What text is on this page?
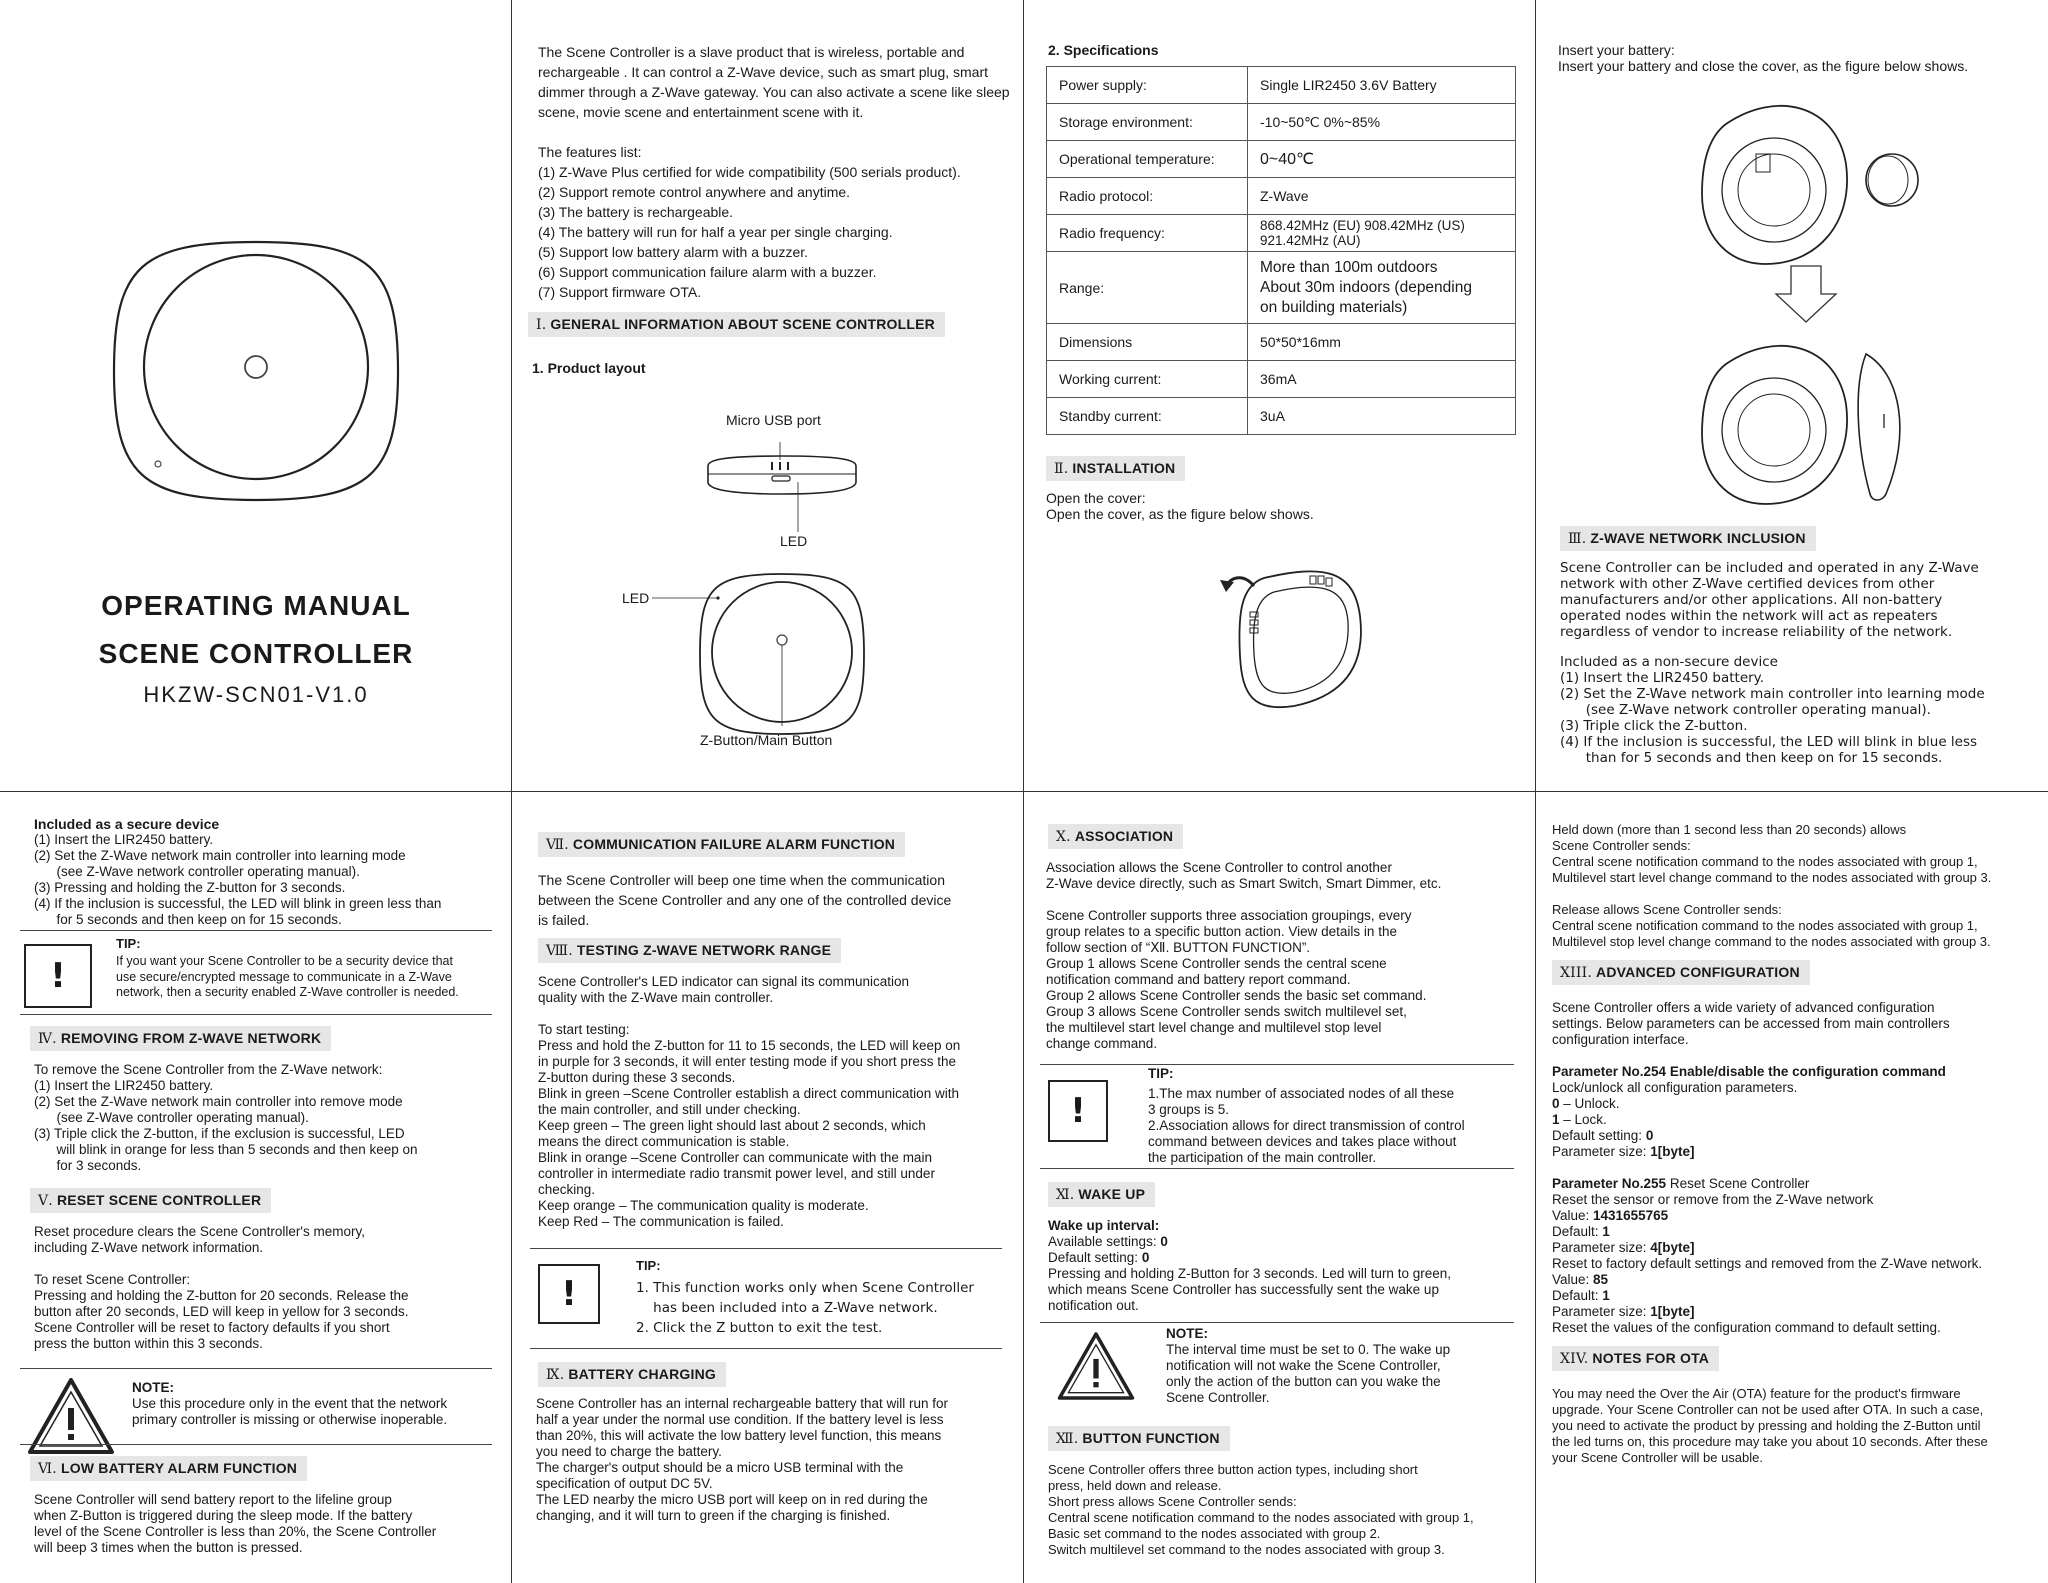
OPERATING MANUAL
SCENE CONTROLLER
HKZW-SCN01-V1.0

The Scene Controller is a slave product that is wireless, portable and rechargeable . It can control a Z-Wave device, such as smart plug, smart dimmer through a Z-Wave gateway. You can also activate a scene like sleep scene, movie scene and entertainment scene with it.

The features list:

(1) Z-Wave Plus certified for wide compatibility (500 serials product).

(2) Support remote control anywhere and anytime.

(3) The battery is rechargeable.

(4) The battery will run for half a year per single charging.

(5) Support low battery alarm with a buzzer.

(6) Support communication failure alarm with a buzzer.

(7) Support firmware OTA.

Ⅰ. GENERAL INFORMATION ABOUT SCENE CONTROLLER

1. Product layout

Micro USB port
LED
LED
Z-Button/Main Button

2. Specifications

Power supply:	Single LIR2450 3.6V Battery
Storage environment:	-10~50℃ 0%~85%
Operational temperature:	0~40℃
Radio protocol:	Z-Wave
Radio frequency:	868.42MHz (EU) 908.42MHz (US)
921.42MHz (AU)
Range:	More than 100m outdoors
About 30m indoors (depending
on building materials)
Dimensions	50*50*16mm
Working current:	36mA
Standby current:	3uA
Ⅱ. INSTALLATION

Open the cover:
Open the cover, as the figure below shows.

Insert your battery:
Insert your battery and close the cover, as the figure below shows.

Ⅲ. Z-WAVE NETWORK INCLUSION

Scene Controller can be included and operated in any Z-Wave
network with other Z-Wave certified devices from other
manufacturers and/or other applications. All non-battery
operated nodes within the network will act as repeaters
regardless of vendor to increase reliability of the network.

Included as a non-secure device

(1) Insert the LIR2450 battery.
(2) Set the Z-Wave network main controller into learning mode
(see Z-Wave network controller operating manual).
(3) Triple click the Z-button.
(4) If the inclusion is successful, the LED will blink in blue less
than for 5 seconds and then keep on for 15 seconds.

Included as a secure device

(1) Insert the LIR2450 battery.
(2) Set the Z-Wave network main controller into learning mode
(see Z-Wave network controller operating manual).
(3) Pressing and holding the Z-button for 3 seconds.
(4) If the inclusion is successful, the LED will blink in green less than
for 5 seconds and then keep on for 15 seconds.

!

TIP:

If you want your Scene Controller to be a security device that
use secure/encrypted message to communicate in a Z-Wave
network, then a security enabled Z-Wave controller is needed.

Ⅳ. REMOVING FROM Z-WAVE NETWORK

To remove the Scene Controller from the Z-Wave network:
(1) Insert the LIR2450 battery.
(2) Set the Z-Wave network main controller into remove mode
(see Z-Wave controller operating manual).
(3) Triple click the Z-button, if the exclusion is successful, LED
will blink in orange for less than 5 seconds and then keep on
for 3 seconds.

Ⅴ. RESET SCENE CONTROLLER

Reset procedure clears the Scene Controller's memory,
including Z-Wave network information.

To reset Scene Controller:
Pressing and holding the Z-button for 20 seconds. Release the
button after 20 seconds, LED will keep in yellow for 3 seconds.
Scene Controller will be reset to factory defaults if you short
press the button within this 3 seconds.

NOTE:

Use this procedure only in the event that the network
primary controller is missing or otherwise inoperable.

Ⅵ. LOW BATTERY ALARM FUNCTION

Scene Controller will send battery report to the lifeline group
when Z-Button is triggered during the sleep mode. If the battery
level of the Scene Controller is less than 20%, the Scene Controller
will beep 3 times when the button is pressed.

Ⅶ. COMMUNICATION FAILURE ALARM FUNCTION

The Scene Controller will beep one time when the communication
between the Scene Controller and any one of the controlled device
is failed.

Ⅷ. TESTING Z-WAVE NETWORK RANGE

Scene Controller's LED indicator can signal its communication
quality with the Z-Wave main controller.

To start testing:
Press and hold the Z-button for 11 to 15 seconds, the LED will keep on
in purple for 3 seconds, it will enter testing mode if you short press the
Z-button during these 3 seconds.
Blink in green –Scene Controller establish a direct communication with
the main controller, and still under checking.
Keep green – The green light should last about 2 seconds, which
means the direct communication is stable.
Blink in orange –Scene Controller can communicate with the main
controller in intermediate radio transmit power level, and still under
checking.
Keep orange – The communication quality is moderate.
Keep Red – The communication is failed.

!

TIP:

1. This function works only when Scene Controller
has been included into a Z-Wave network.
2. Click the Z button to exit the test.

Ⅸ. BATTERY CHARGING

Scene Controller has an internal rechargeable battery that will run for
half a year under the normal use condition. If the battery level is less
than 20%, this will activate the low battery level function, this means
you need to charge the battery.
The charger's output should be a micro USB terminal with the
specification of output DC 5V.
The LED nearby the micro USB port will keep on in red during the
changing, and it will turn to green if the charging is finished.

Ⅹ. ASSOCIATION

Association allows the Scene Controller to control another
Z-Wave device directly, such as Smart Switch, Smart Dimmer, etc.

Scene Controller supports three association groupings, every
group relates to a specific button action. View details in the
follow section of “Ⅻ. BUTTON FUNCTION”.
Group 1 allows Scene Controller sends the central scene
notification command and battery report command.
Group 2 allows Scene Controller sends the basic set command.
Group 3 allows Scene Controller sends switch multilevel set,
the multilevel start level change and multilevel stop level
change command.

!

TIP:

1.The max number of associated nodes of all these
3 groups is 5.
2.Association allows for direct transmission of control
command between devices and takes place without
the participation of the main controller.

Ⅺ. WAKE UP

Wake up interval:

Available settings: 0

Default setting: 0

Pressing and holding Z-Button for 3 seconds. Led will turn to green,
which means Scene Controller has successfully sent the wake up
notification out.

NOTE:

The interval time must be set to 0. The wake up
notification will not wake the Scene Controller,
only the action of the button can you wake the
Scene Controller.

Ⅻ. BUTTON FUNCTION

Scene Controller offers three button action types, including short
press, held down and release.
Short press allows Scene Controller sends:
Central scene notification command to the nodes associated with group 1,
Basic set command to the nodes associated with group 2.
Switch multilevel set command to the nodes associated with group 3.

Held down (more than 1 second less than 20 seconds) allows
Scene Controller sends:
Central scene notification command to the nodes associated with group 1,
Multilevel start level change command to the nodes associated with group 3.

Release allows Scene Controller sends:
Central scene notification command to the nodes associated with group 1,
Multilevel stop level change command to the nodes associated with group 3.

XIII. ADVANCED CONFIGURATION

Scene Controller offers a wide variety of advanced configuration
settings. Below parameters can be accessed from main controllers
configuration interface.

Parameter No.254 Enable/disable the configuration command

Lock/unlock all configuration parameters.

0 – Unlock.

1 – Lock.

Default setting: 0

Parameter size: 1[byte]

Parameter No.255 Reset Scene Controller

Reset the sensor or remove from the Z-Wave network

Value: 1431655765

Default: 1

Parameter size: 4[byte]

Reset to factory default settings and removed from the Z-Wave network.

Value: 85

Default: 1

Parameter size: 1[byte]

Reset the values of the configuration command to default setting.

XIV. NOTES FOR OTA

You may need the Over the Air (OTA) feature for the product's firmware
upgrade. Your Scene Controller can not be used after OTA. In such a case,
you need to activate the product by pressing and holding the Z-Button until
the led turns on, this procedure may take you about 10 seconds. After these
your Scene Controller will be usable.
